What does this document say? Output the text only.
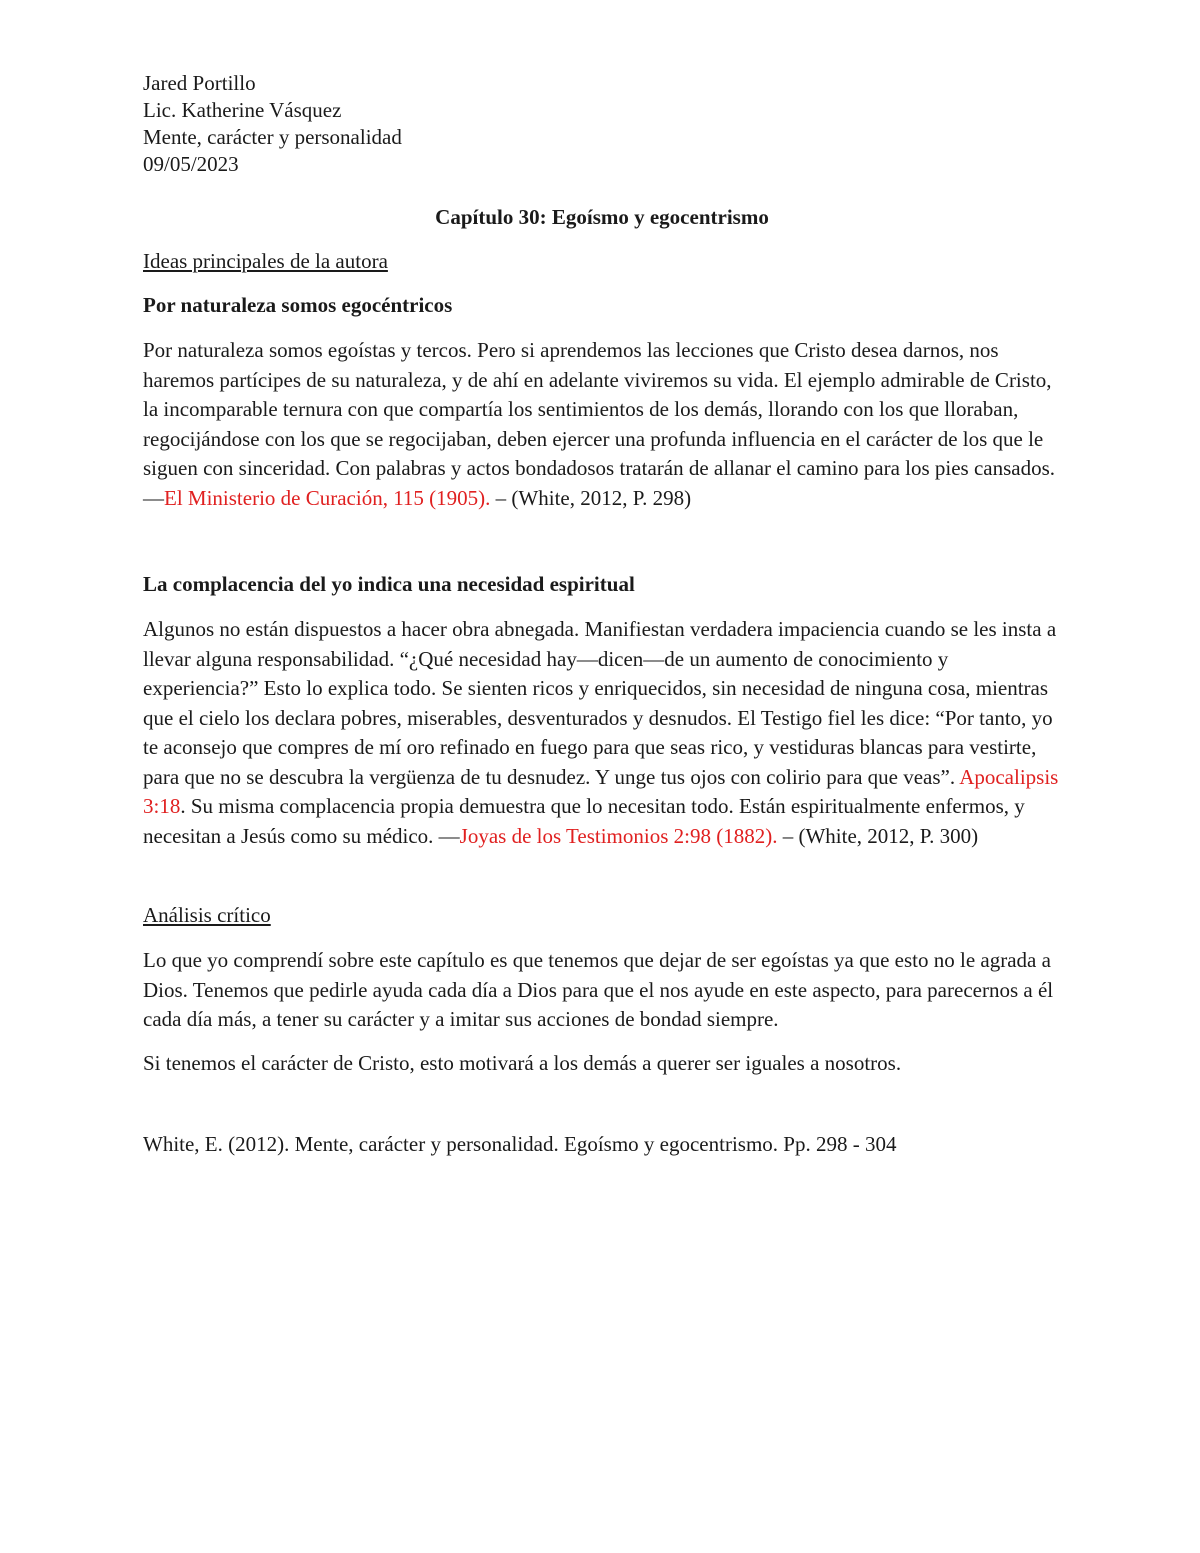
Jared Portillo

Lic. Katherine Vásquez

Mente, carácter y personalidad

09/05/2023

Capítulo 30: Egoísmo y egocentrismo

Ideas principales de la autora

Por naturaleza somos egocéntricos

Por naturaleza somos egoístas y tercos. Pero si aprendemos las lecciones que Cristo desea darnos, nos haremos partícipes de su naturaleza, y de ahí en adelante viviremos su vida. El ejemplo admirable de Cristo, la incomparable ternura con que compartía los sentimientos de los demás, llorando con los que lloraban, regocijándose con los que se regocijaban, deben ejercer una profunda influencia en el carácter de los que le siguen con sinceridad. Con palabras y actos bondadosos tratarán de allanar el camino para los pies cansados. —El Ministerio de Curación, 115 (1905). – (White, 2012, P. 298)

La complacencia del yo indica una necesidad espiritual

Algunos no están dispuestos a hacer obra abnegada. Manifiestan verdadera impaciencia cuando se les insta a llevar alguna responsabilidad. “¿Qué necesidad hay—dicen—de un aumento de conocimiento y experiencia?” Esto lo explica todo. Se sienten ricos y enriquecidos, sin necesidad de ninguna cosa, mientras que el cielo los declara pobres, miserables, desventurados y desnudos. El Testigo fiel les dice: “Por tanto, yo te aconsejo que compres de mí oro refinado en fuego para que seas rico, y vestiduras blancas para vestirte, para que no se descubra la vergüenza de tu desnudez. Y unge tus ojos con colirio para que veas”. Apocalipsis 3:18. Su misma complacencia propia demuestra que lo necesitan todo. Están espiritualmente enfermos, y necesitan a Jesús como su médico. —Joyas de los Testimonios 2:98 (1882). – (White, 2012, P. 300)

Análisis crítico

Lo que yo comprendí sobre este capítulo es que tenemos que dejar de ser egoístas ya que esto no le agrada a Dios. Tenemos que pedirle ayuda cada día a Dios para que el nos ayude en este aspecto, para parecernos a él cada día más, a tener su carácter y a imitar sus acciones de bondad siempre.

Si tenemos el carácter de Cristo, esto motivará a los demás a querer ser iguales a nosotros.

White, E. (2012). Mente, carácter y personalidad. Egoísmo y egocentrismo. Pp. 298 - 304
